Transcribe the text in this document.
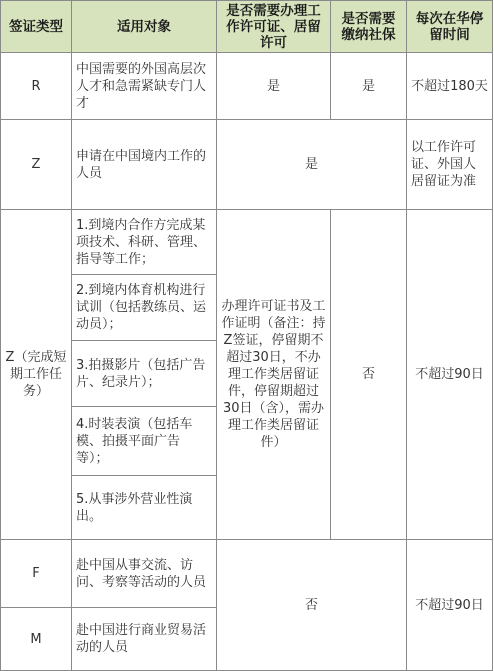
签证类型	适用对象	是否需要办理工作许可证、居留许可	是否需要缴纳社保	每次在华停留时间
R	中国需要的外国高层次人才和急需紧缺专门人才	是	是	不超过180天
Z	申请在中国境内工作的人员	是		以工作许可证、外国人居留证为准
Z（完成短期工作任务）	1.到境内合作方完成某项技术、科研、管理、指导等工作；	办理许可证书及工作证明（备注：持Z签证，停留期不超过30日，不办理工作类居留证件，停留期超过30日（含），需办理工作类居留证件）	否	不超过90日
	2.到境内体育机构进行试训（包括教练员、运动员）；			
	3.拍摄影片（包括广告片、纪录片）；			
	4.时装表演（包括车模、拍摄平面广告等）；			
	5.从事涉外营业性演出。			
F	赴中国从事交流、访问、考察等活动的人员	否		不超过90日
M	赴中国进行商业贸易活动的人员			
